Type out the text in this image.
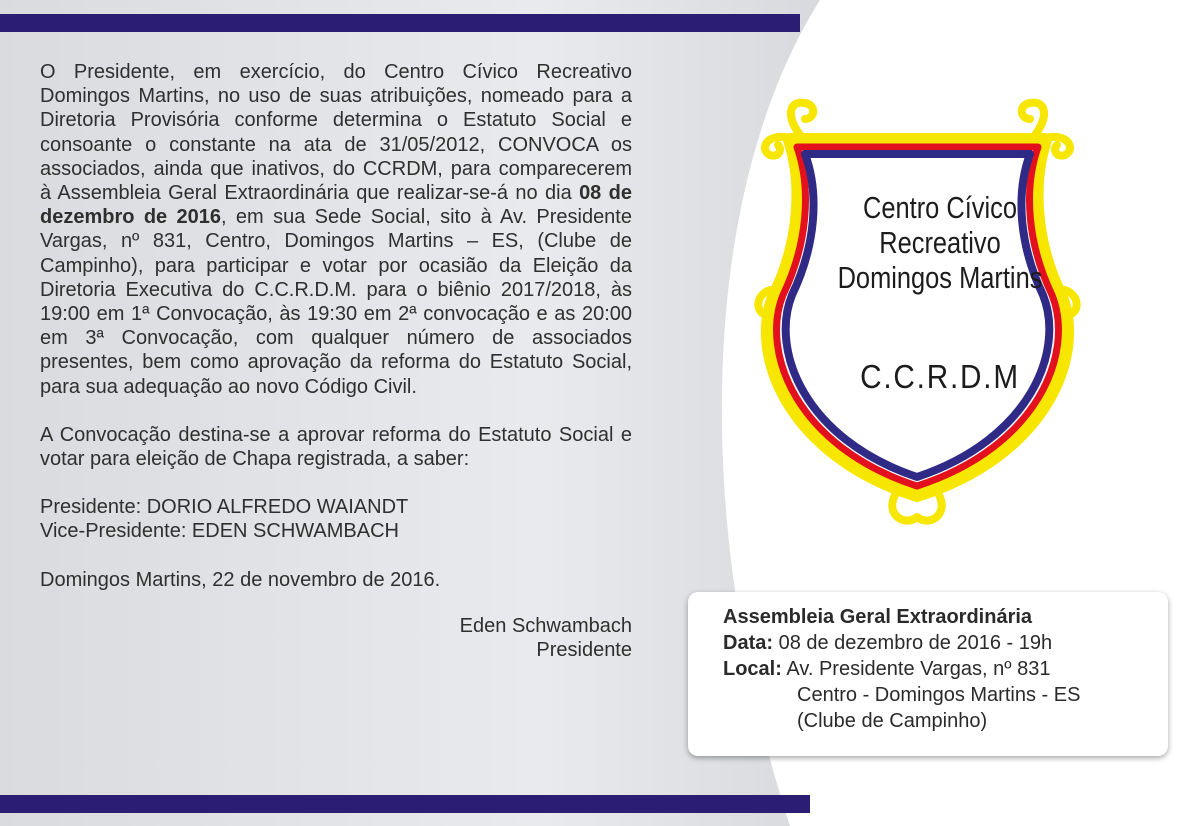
O Presidente, em exercício, do Centro Cívico Recreativo Domingos Martins, no uso de suas atribuições, nomeado para a Diretoria Provisória conforme determina o Estatuto Social e consoante o constante na ata de 31/05/2012, CONVOCA os associados, ainda que inativos, do CCRDM, para comparecerem à Assembleia Geral Extraordinária que realizar-se-á no dia 08 de dezembro de 2016, em sua Sede Social, sito à Av. Presidente Vargas, nº 831, Centro, Domingos Martins – ES, (Clube de Campinho), para participar e votar por ocasião da Eleição da Diretoria Executiva do C.C.R.D.M. para o biênio 2017/2018, às 19:00 em 1ª Convocação, às 19:30 em 2ª convocação e as 20:00 em 3ª Convocação, com qualquer número de associados presentes, bem como aprovação da reforma do Estatuto Social, para sua adequação ao novo Código Civil.

A Convocação destina-se a aprovar reforma do Estatuto Social e votar para eleição de Chapa registrada, a saber:

Presidente: DORIO ALFREDO WAIANDT
Vice-Presidente: EDEN SCHWAMBACH

Domingos Martins, 22 de novembro de 2016.

Eden Schwambach
Presidente
Centro Cívico
Recreativo
Domingos Martins
C.C.R.D.M
Assembleia Geral Extraordinária
Data: 08 de dezembro de 2016 - 19h
Local: Av. Presidente Vargas, nº 831
Centro - Domingos Martins - ES
(Clube de Campinho)
